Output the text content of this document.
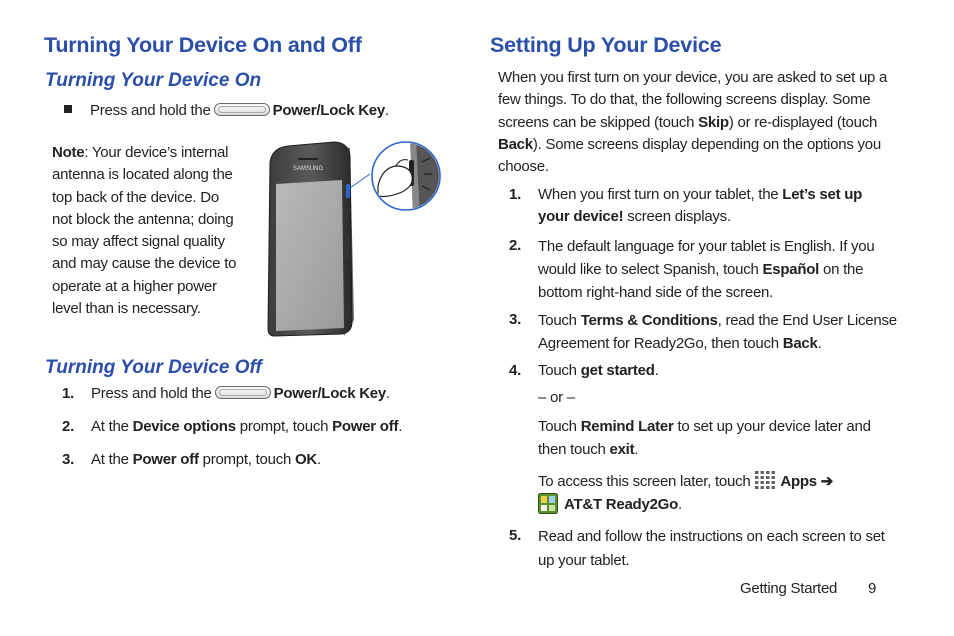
Turning Your Device On and Off
Turning Your Device On
Press and hold the	Power/Lock Key.
Note: Your device’s internal
antenna is located along the
top back of the device. Do
not block the antenna; doing
so may affect signal quality
and may cause the device to
operate at a higher power
level than is necessary.
SAMSUNG
Turning Your Device Off
1. Press and hold the	Power/Lock Key.
2. At the Device options prompt, touch Power off.
3. At the Power off prompt, touch OK.
Setting Up Your Device
When you first turn on your device, you are asked to set up a
few things. To do that, the following screens display. Some
screens can be skipped (touch Skip) or re-displayed (touch
Back). Some screens display depending on the options you
choose.
1. When you first turn on your tablet, the Let’s set up
your device! screen displays.
2. The default language for your tablet is English. If you
would like to select Spanish, touch Español on the
bottom right-hand side of the screen.
3. Touch Terms & Conditions, read the End User License
Agreement for Ready2Go, then touch Back.
4. Touch get started.
– or –
Touch Remind Later to set up your device later and
then touch exit.
To access this screen later, touch Apps ➔
AT&T Ready2Go.
5. Read and follow the instructions on each screen to set
up your tablet.
Getting Started 9
